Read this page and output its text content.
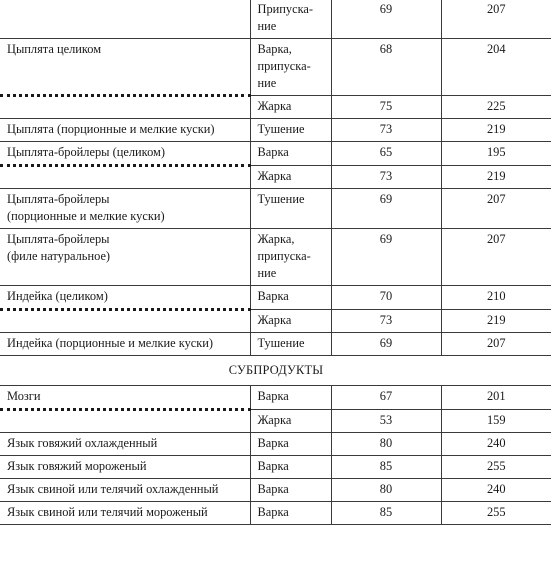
	Припуска-
ние	69	207
Цыплята целиком	Варка,
припуска-
ние	68	204
	Жарка	75	225
Цыплята (порционные и мелкие куски)	Тушение	73	219
Цыплята-бройлеры (целиком)	Варка	65	195
	Жарка	73	219
Цыплята-бройлеры
(порционные и мелкие куски)	Тушение	69	207
Цыплята-бройлеры
(филе натуральное)	Жарка,
припуска-
ние	69	207
Индейка (целиком)	Варка	70	210
	Жарка	73	219
Индейка (порционные и мелкие куски)	Тушение	69	207
СУБПРОДУКТЫ			
Мозги	Варка	67	201
	Жарка	53	159
Язык говяжий охлажденный	Варка	80	240
Язык говяжий мороженый	Варка	85	255
Язык свиной или телячий охлажденный	Варка	80	240
Язык свиной или телячий мороженый	Варка	85	255
